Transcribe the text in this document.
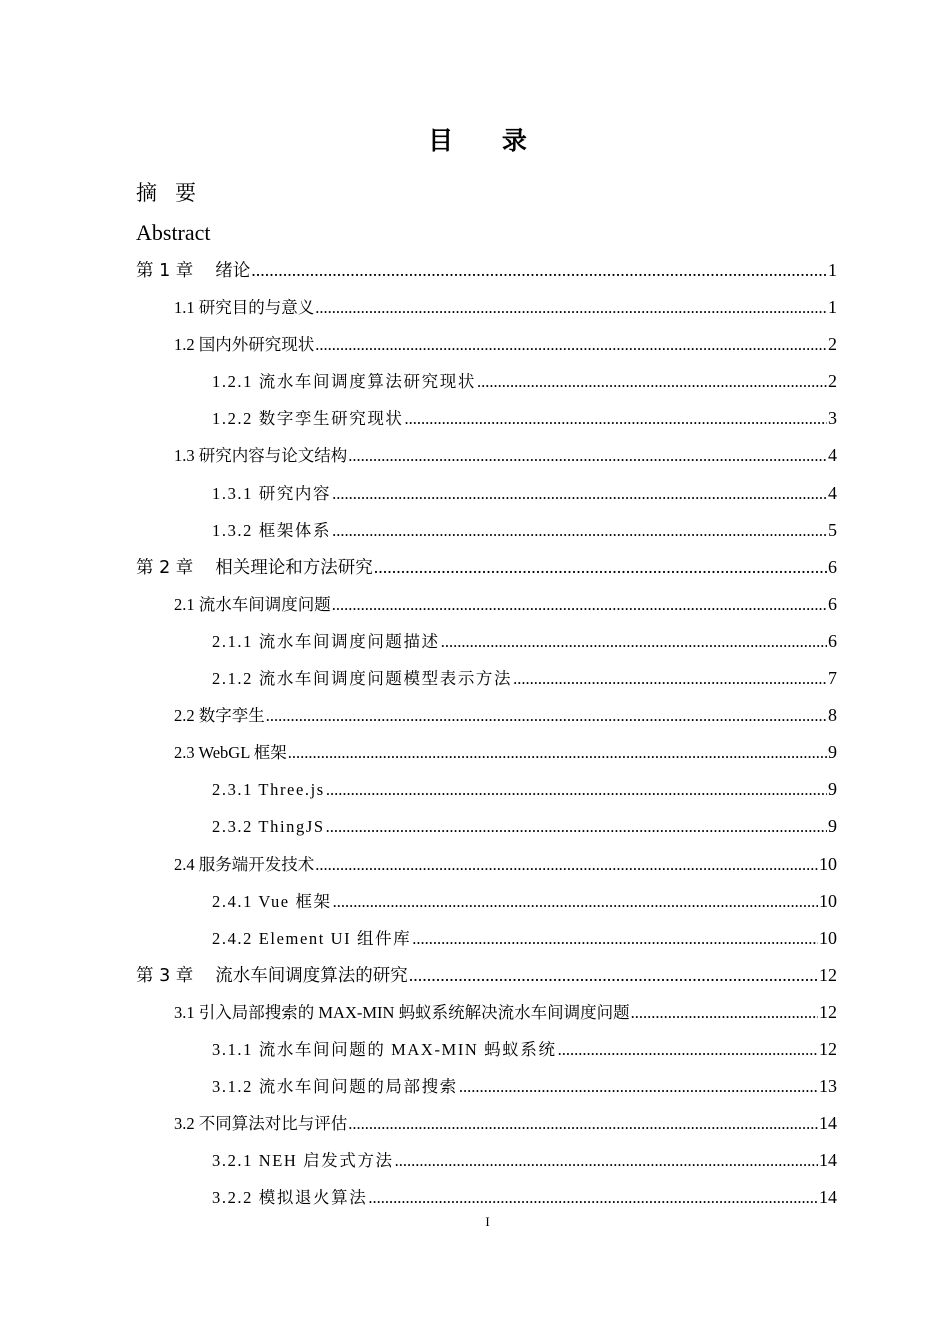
目 录
摘要
Abstract
第 1 章 绪论 .....	1
1.1 研究目的与意义 .....	1
1.2 国内外研究现状 .....	2
1.2.1 流水车间调度算法研究现状 .....	2
1.2.2 数字孪生研究现状 .....	3
1.3 研究内容与论文结构 .....	4
1.3.1 研究内容 .....	4
1.3.2 框架体系 .....	5
第 2 章 相关理论和方法研究 .....	6
2.1 流水车间调度问题 .....	6
2.1.1 流水车间调度问题描述 .....	6
2.1.2 流水车间调度问题模型表示方法 .....	7
2.2 数字孪生 .....	8
2.3 WebGL 框架 .....	9
2.3.1 Three.js .....	9
2.3.2 ThingJS .....	9
2.4 服务端开发技术 .....	10
2.4.1 Vue 框架 .....	10
2.4.2 Element UI 组件库 .....	10
第 3 章 流水车间调度算法的研究 .....	12
3.1 引入局部搜索的 MAX-MIN 蚂蚁系统解决流水车间调度问题 .....	12
3.1.1 流水车间问题的 MAX-MIN 蚂蚁系统 .....	12
3.1.2 流水车间问题的局部搜索 .....	13
3.2 不同算法对比与评估 .....	14
3.2.1 NEH 启发式方法 .....	14
3.2.2 模拟退火算法 .....	14
I
